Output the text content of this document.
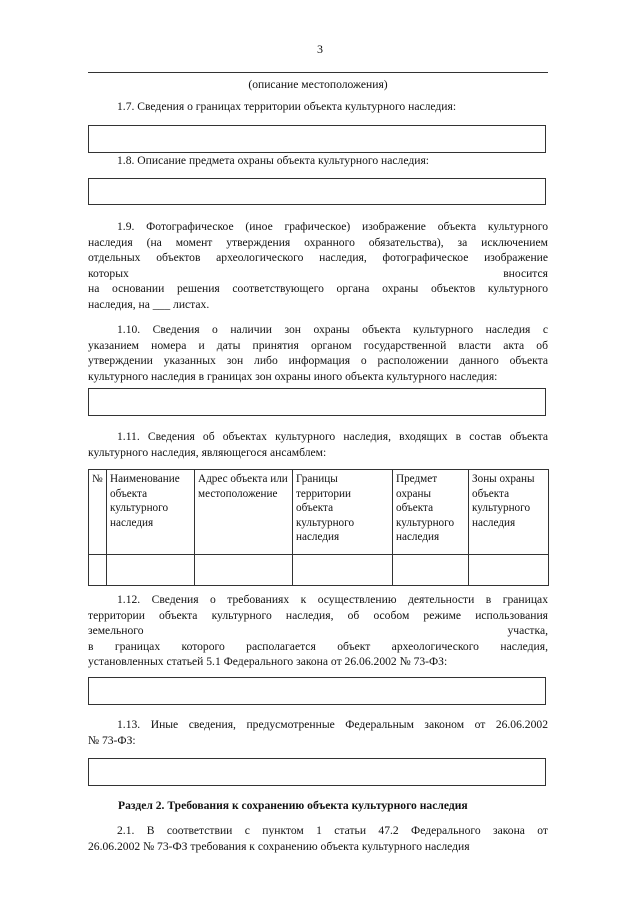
3
(описание местоположения)
1.7. Сведения о границах территории объекта культурного наследия:
1.8. Описание предмета охраны объекта культурного наследия:
1.9. Фотографическое (иное графическое) изображение объекта культурного
наследия (на момент утверждения охранного обязательства), за исключением
отдельных объектов археологического наследия, фотографическое изображение
которых	вносится
на основании решения соответствующего органа охраны объектов культурного
наследия, на ___ листах.
1.10. Сведения о наличии зон охраны объекта культурного наследия с
указанием номера и даты принятия органом государственной власти акта об
утверждении указанных зон либо информация о расположении данного объекта
культурного наследия в границах зон охраны иного объекта культурного наследия:
1.11. Сведения об объектах культурного наследия, входящих в состав объекта
культурного наследия, являющегося ансамблем:
№	Наименование объекта культурного наследия	Адрес объекта или местоположение	Границы территории объекта культурного наследия	Предмет охраны объекта культурного наследия	Зоны охраны объекта культурного наследия

1.12. Сведения о требованиях к осуществлению деятельности в границах
территории объекта культурного наследия, об особом режиме использования
земельного	участка,
в границах которого располагается объект археологического наследия,
установленных статьей 5.1 Федерального закона от 26.06.2002 № 73-ФЗ:
1.13. Иные сведения, предусмотренные Федеральным законом от 26.06.2002
№ 73-ФЗ:
Раздел 2. Требования к сохранению объекта культурного наследия
2.1. В соответствии с пунктом 1 статьи 47.2 Федерального закона от
26.06.2002 № 73-ФЗ требования к сохранению объекта культурного наследия
